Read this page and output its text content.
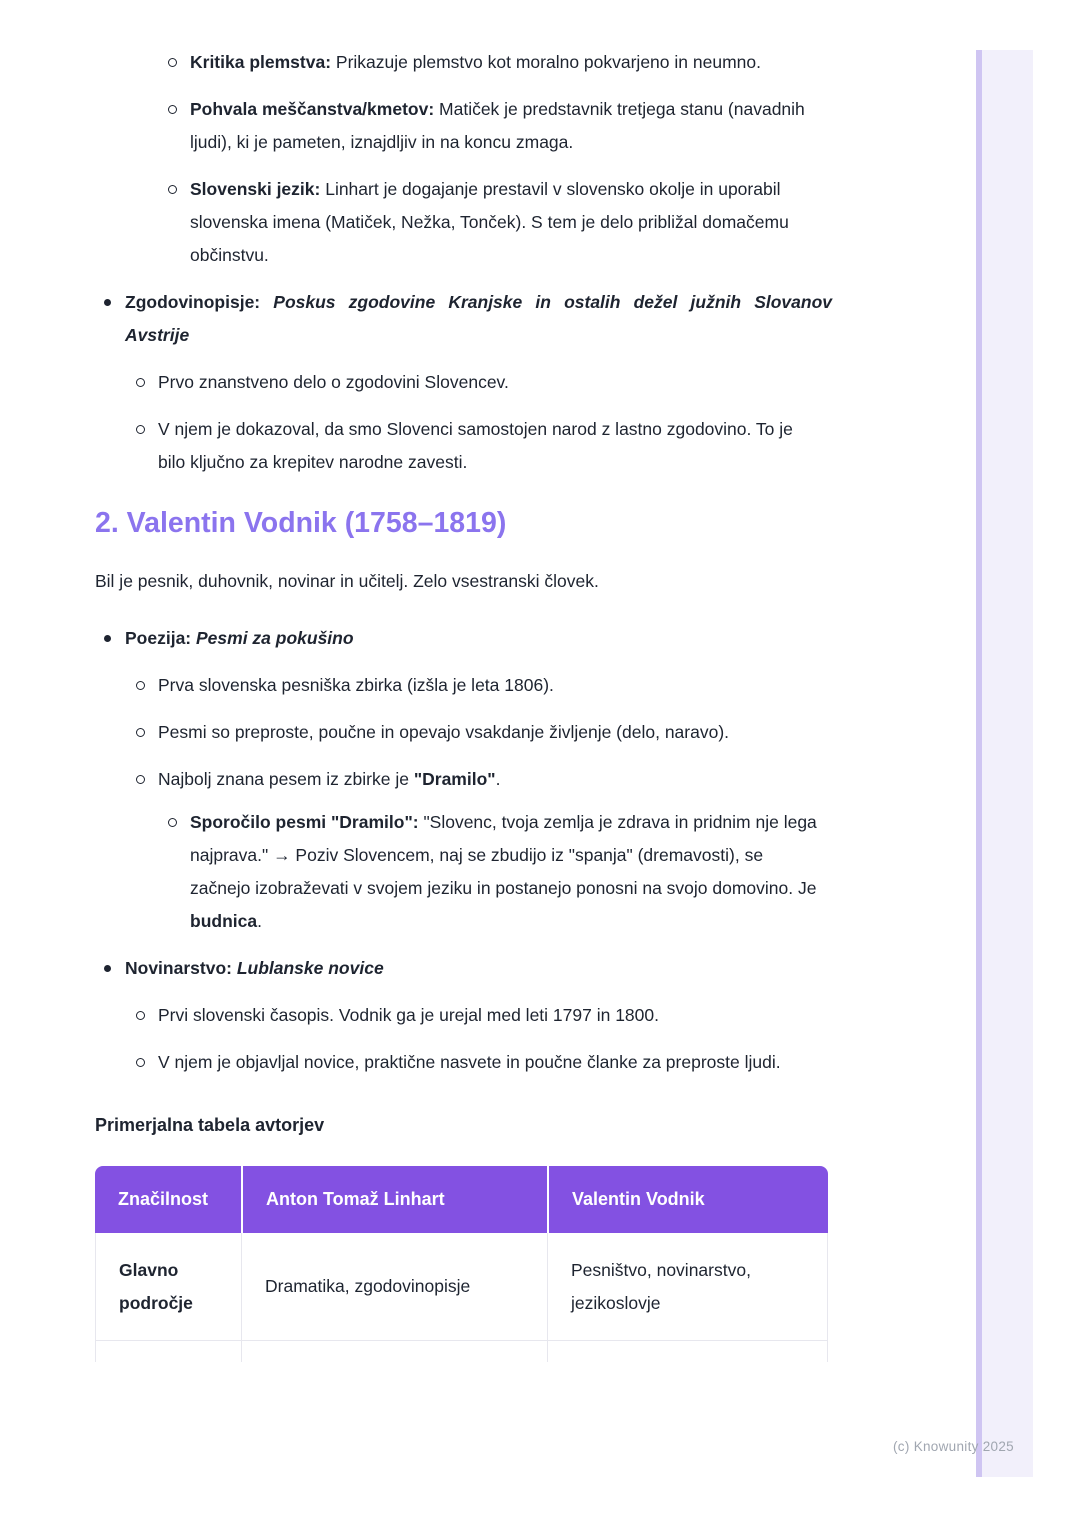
(c) Knowunity 2025
Kritika plemstva: Prikazuje plemstvo kot moralno pokvarjeno in neumno.
Pohvala meščanstva/kmetov: Matiček je predstavnik tretjega stanu (navadnih ljudi), ki je pameten, iznajdljiv in na koncu zmaga.
Slovenski jezik: Linhart je dogajanje prestavil v slovensko okolje in uporabil slovenska imena (Matiček, Nežka, Tonček). S tem je delo približal domačemu občinstvu.
Zgodovinopisje: Poskus zgodovine Kranjske in ostalih dežel južnih Slovanov Avstrije
Prvo znanstveno delo o zgodovini Slovencev.
V njem je dokazoval, da smo Slovenci samostojen narod z lastno zgodovino. To je bilo ključno za krepitev narodne zavesti.
2. Valentin Vodnik (1758–1819)

Bil je pesnik, duhovnik, novinar in učitelj. Zelo vsestranski človek.

Poezija: Pesmi za pokušino
Prva slovenska pesniška zbirka (izšla je leta 1806).
Pesmi so preproste, poučne in opevajo vsakdanje življenje (delo, naravo).
Najbolj znana pesem iz zbirke je "Dramilo".
Sporočilo pesmi "Dramilo": "Slovenc, tvoja zemlja je zdrava in pridnim nje lega najprava." → Poziv Slovencem, naj se zbudijo iz "spanja" (dremavosti), se začnejo izobraževati v svojem jeziku in postanejo ponosni na svojo domovino. Je budnica.
Novinarstvo: Lublanske novice
Prvi slovenski časopis. Vodnik ga je urejal med leti 1797 in 1800.
V njem je objavljal novice, praktične nasvete in poučne članke za preproste ljudi.

Primerjalna tabela avtorjev

Značilnost	Anton Tomaž Linhart	Valentin Vodnik
Glavno področje
Dramatika, zgodovinopisje
Pesništvo, novinarstvo, jezikoslovje
